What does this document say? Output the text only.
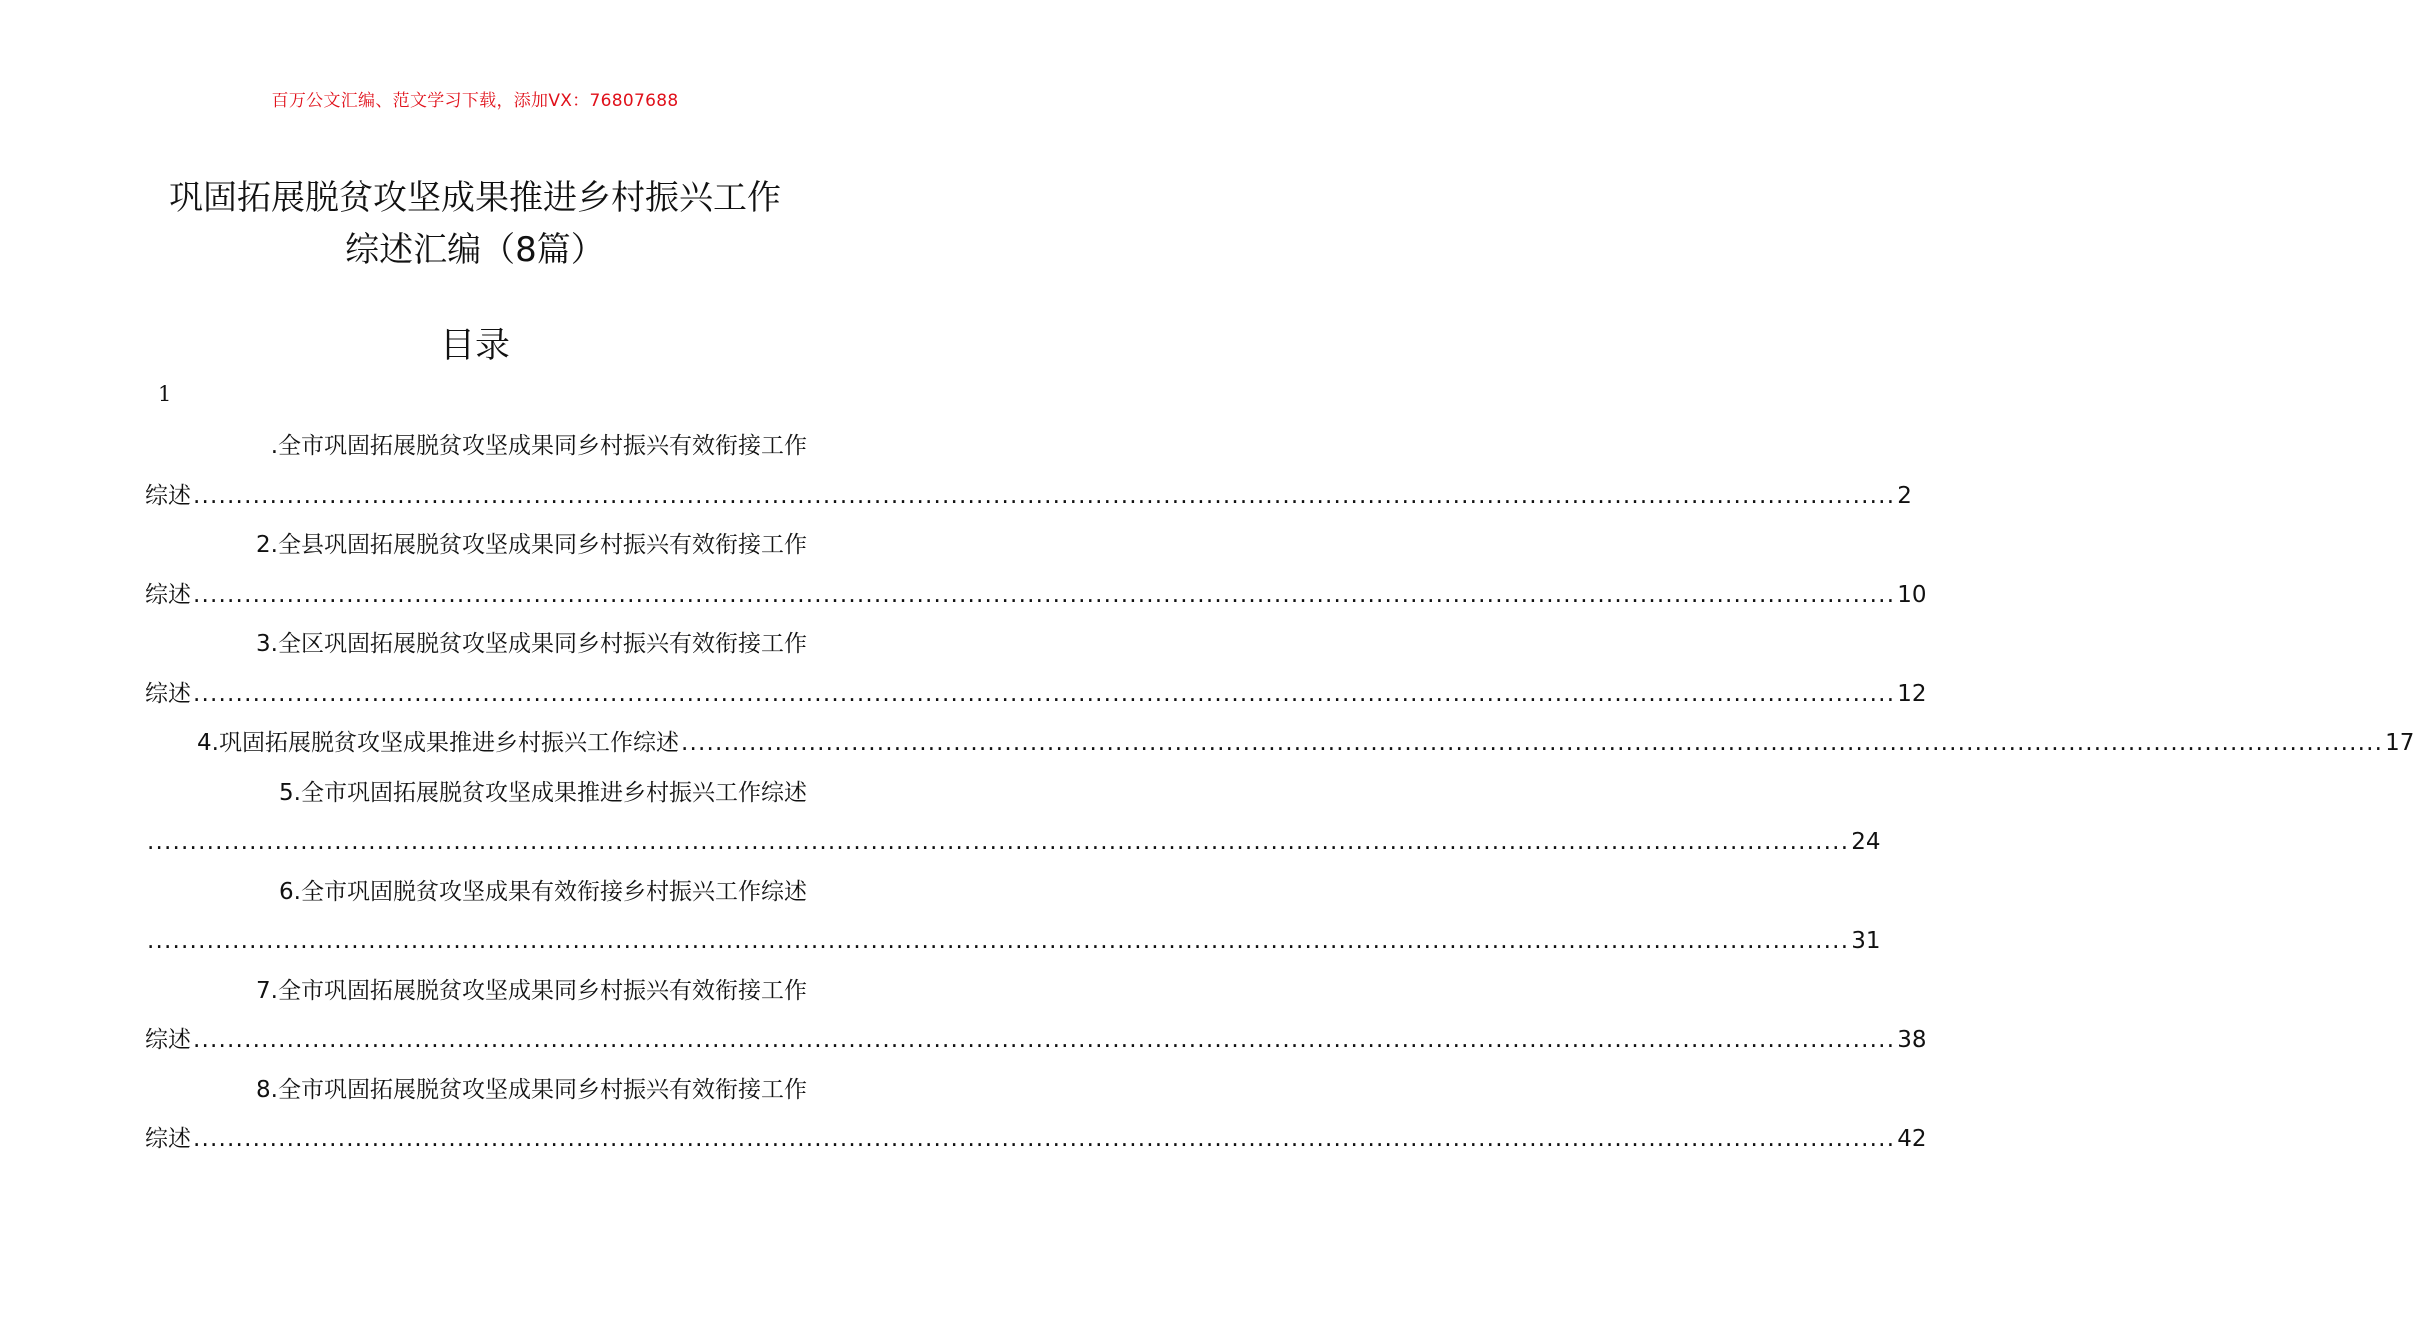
百万公文汇编、范文学习下载，添加VX：76807688
巩固拓展脱贫攻坚成果推进乡村振兴工作
综述汇编（8篇）
目录
1
.全市巩固拓展脱贫攻坚成果同乡村振兴有效衔接工作
综述 ........................................................................................................................................................................................................ 2
2.全县巩固拓展脱贫攻坚成果同乡村振兴有效衔接工作
综述 ........................................................................................................................................................................................................ 10
3.全区巩固拓展脱贫攻坚成果同乡村振兴有效衔接工作
综述 ........................................................................................................................................................................................................ 12
4.巩固拓展脱贫攻坚成果推进乡村振兴工作综述 ........................................................................................................................................................................................................ 17
5.全市巩固拓展脱贫攻坚成果推进乡村振兴工作综述
........................................................................................................................................................................................................ 24
6.全市巩固脱贫攻坚成果有效衔接乡村振兴工作综述
........................................................................................................................................................................................................ 31
7.全市巩固拓展脱贫攻坚成果同乡村振兴有效衔接工作
综述 ........................................................................................................................................................................................................ 38
8.全市巩固拓展脱贫攻坚成果同乡村振兴有效衔接工作
综述 ........................................................................................................................................................................................................ 42
